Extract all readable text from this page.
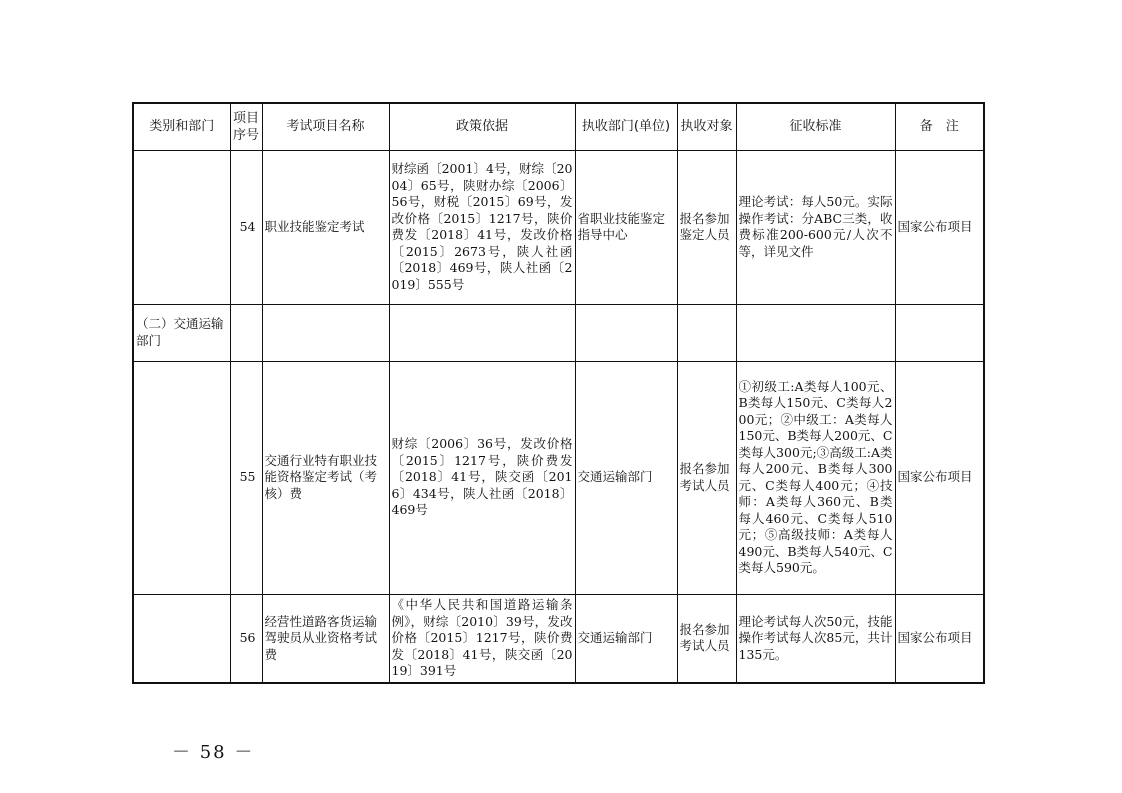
类别和部门	项目序号	考试项目名称	政策依据	执收部门(单位)	执收对象	征收标准	备　注
	54	职业技能鉴定考试	财综函〔2001〕4号，财综〔2004〕65号，陕财办综〔2006〕56号，财税〔2015〕69号，发改价格〔2015〕1217号，陕价费发〔2018〕41号，发改价格〔2015〕2673号，陕人社函〔2018〕469号，陕人社函〔2019〕555号	省职业技能鉴定指导中心	报名参加鉴定人员	理论考试：每人50元。实际操作考试：分ABC三类，收费标准200-600元/人次不等，详见文件	国家公布项目
（二）交通运输部门							
	55	交通行业特有职业技能资格鉴定考试（考核）费	财综〔2006〕36号，发改价格〔2015〕1217号，陕价费发〔2018〕41号，陕交函〔2016〕434号，陕人社函〔2018〕469号	交通运输部门	报名参加考试人员	①初级工:A类每人100元、B类每人150元、C类每人200元；②中级工：A类每人150元、B类每人200元、C类每人300元;③高级工:A类每人200元、B类每人300元、C类每人400元；④技师：A类每人360元、B类每人460元、C类每人510元；⑤高级技师：A类每人490元、B类每人540元、C类每人590元。	国家公布项目
	56	经营性道路客货运输驾驶员从业资格考试费	《中华人民共和国道路运输条例》，财综〔2010〕39号，发改价格〔2015〕1217号，陕价费发〔2018〕41号，陕交函〔2019〕391号	交通运输部门	报名参加考试人员	理论考试每人次50元，技能操作考试每人次85元，共计135元。	国家公布项目
－ 58 －
